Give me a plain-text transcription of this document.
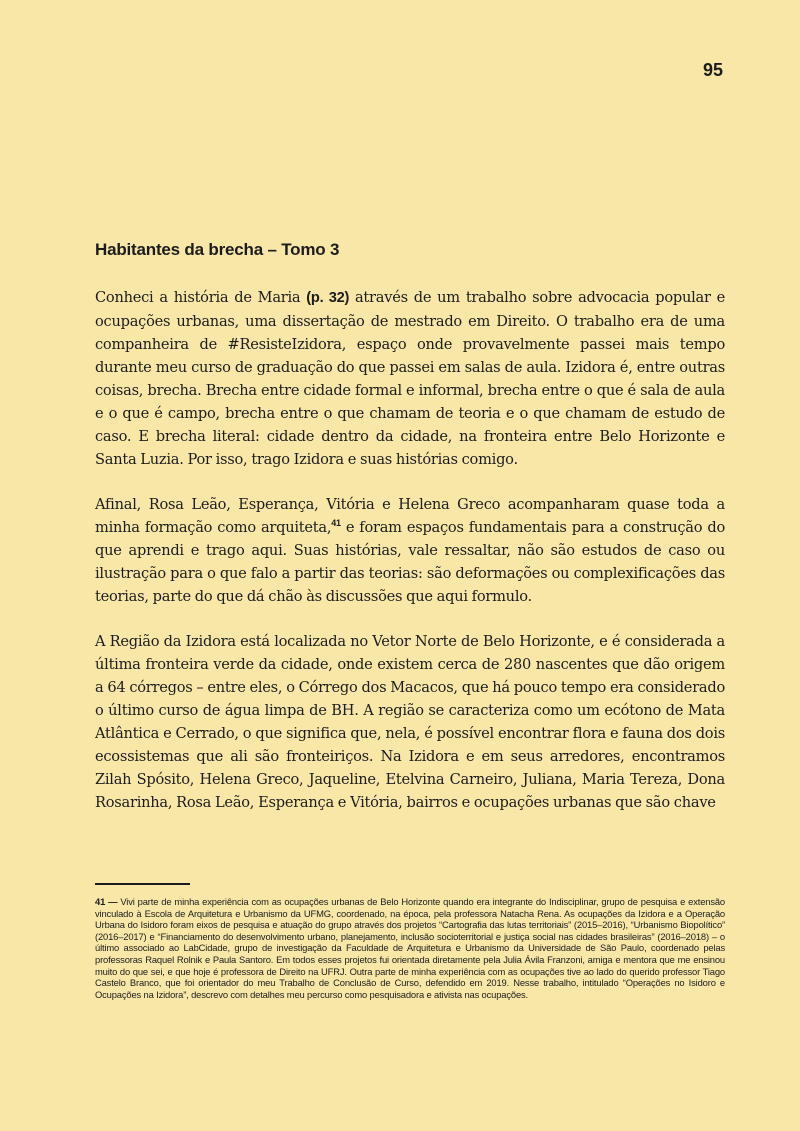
95
Habitantes da brecha – Tomo 3

Conheci a história de Maria (p. 32) através de um trabalho sobre advocacia popular e ocupações urbanas, uma dissertação de mestrado em Direito. O trabalho era de uma companheira de #ResisteIzidora, espaço onde provavelmente passei mais tempo durante meu curso de graduação do que passei em salas de aula. Izidora é, entre outras coisas, brecha. Brecha entre cidade formal e informal, brecha entre o que é sala de aula e o que é campo, brecha entre o que chamam de teoria e o que chamam de estudo de caso. E brecha literal: cidade dentro da cidade, na fronteira entre Belo Horizonte e Santa Luzia. Por isso, trago Izidora e suas histórias comigo.

Afinal, Rosa Leão, Esperança, Vitória e Helena Greco acompanharam quase toda a minha formação como arquiteta,$^{41}$ e foram espaços fundamentais para a construção do que aprendi e trago aqui. Suas histórias, vale ressaltar, não são estudos de caso ou ilustração para o que falo a partir das teorias: são deformações ou complexificações das teorias, parte do que dá chão às discussões que aqui formulo.

A Região da Izidora está localizada no Vetor Norte de Belo Horizonte, e é considerada a última fronteira verde da cidade, onde existem cerca de 280 nascentes que dão origem a 64 córregos – entre eles, o Córrego dos Macacos, que há pouco tempo era considerado o último curso de água limpa de BH. A região se caracteriza como um ecótono de Mata Atlântica e Cerrado, o que significa que, nela, é possível encontrar flora e fauna dos dois ecossistemas que ali são fronteiriços. Na Izidora e em seus arredores, encontramos Zilah Spósito, Helena Greco, Jaqueline, Etelvina Carneiro, Juliana, Maria Tereza, Dona Rosarinha, Rosa Leão, Esperança e Vitória, bairros e ocupações urbanas que são chave

41 — Vivi parte de minha experiência com as ocupações urbanas de Belo Horizonte quando era integrante do Indisciplinar, grupo de pesquisa e extensão vinculado à Escola de Arquitetura e Urbanismo da UFMG, coordenado, na época, pela professora Natacha Rena. As ocupações da Izidora e a Operação Urbana do Isidoro foram eixos de pesquisa e atuação do grupo através dos projetos “Cartografia das lutas territoriais” (2015–2016), “Urbanismo Biopolítico” (2016–2017) e “Financiamento do desenvolvimento urbano, planejamento, inclusão socioterritorial e justiça social nas cidades brasileiras” (2016–2018) – o último associado ao LabCidade, grupo de investigação da Faculdade de Arquitetura e Urbanismo da Universidade de São Paulo, coordenado pelas professoras Raquel Rolnik e Paula Santoro. Em todos esses projetos fui orientada diretamente pela Julia Ávila Franzoni, amiga e mentora que me ensinou muito do que sei, e que hoje é professora de Direito na UFRJ. Outra parte de minha experiência com as ocupações tive ao lado do querido professor Tiago Castelo Branco, que foi orientador do meu Trabalho de Conclusão de Curso, defendido em 2019. Nesse trabalho, intitulado “Operações no Isidoro e Ocupações na Izidora”, descrevo com detalhes meu percurso como pesquisadora e ativista nas ocupações.
